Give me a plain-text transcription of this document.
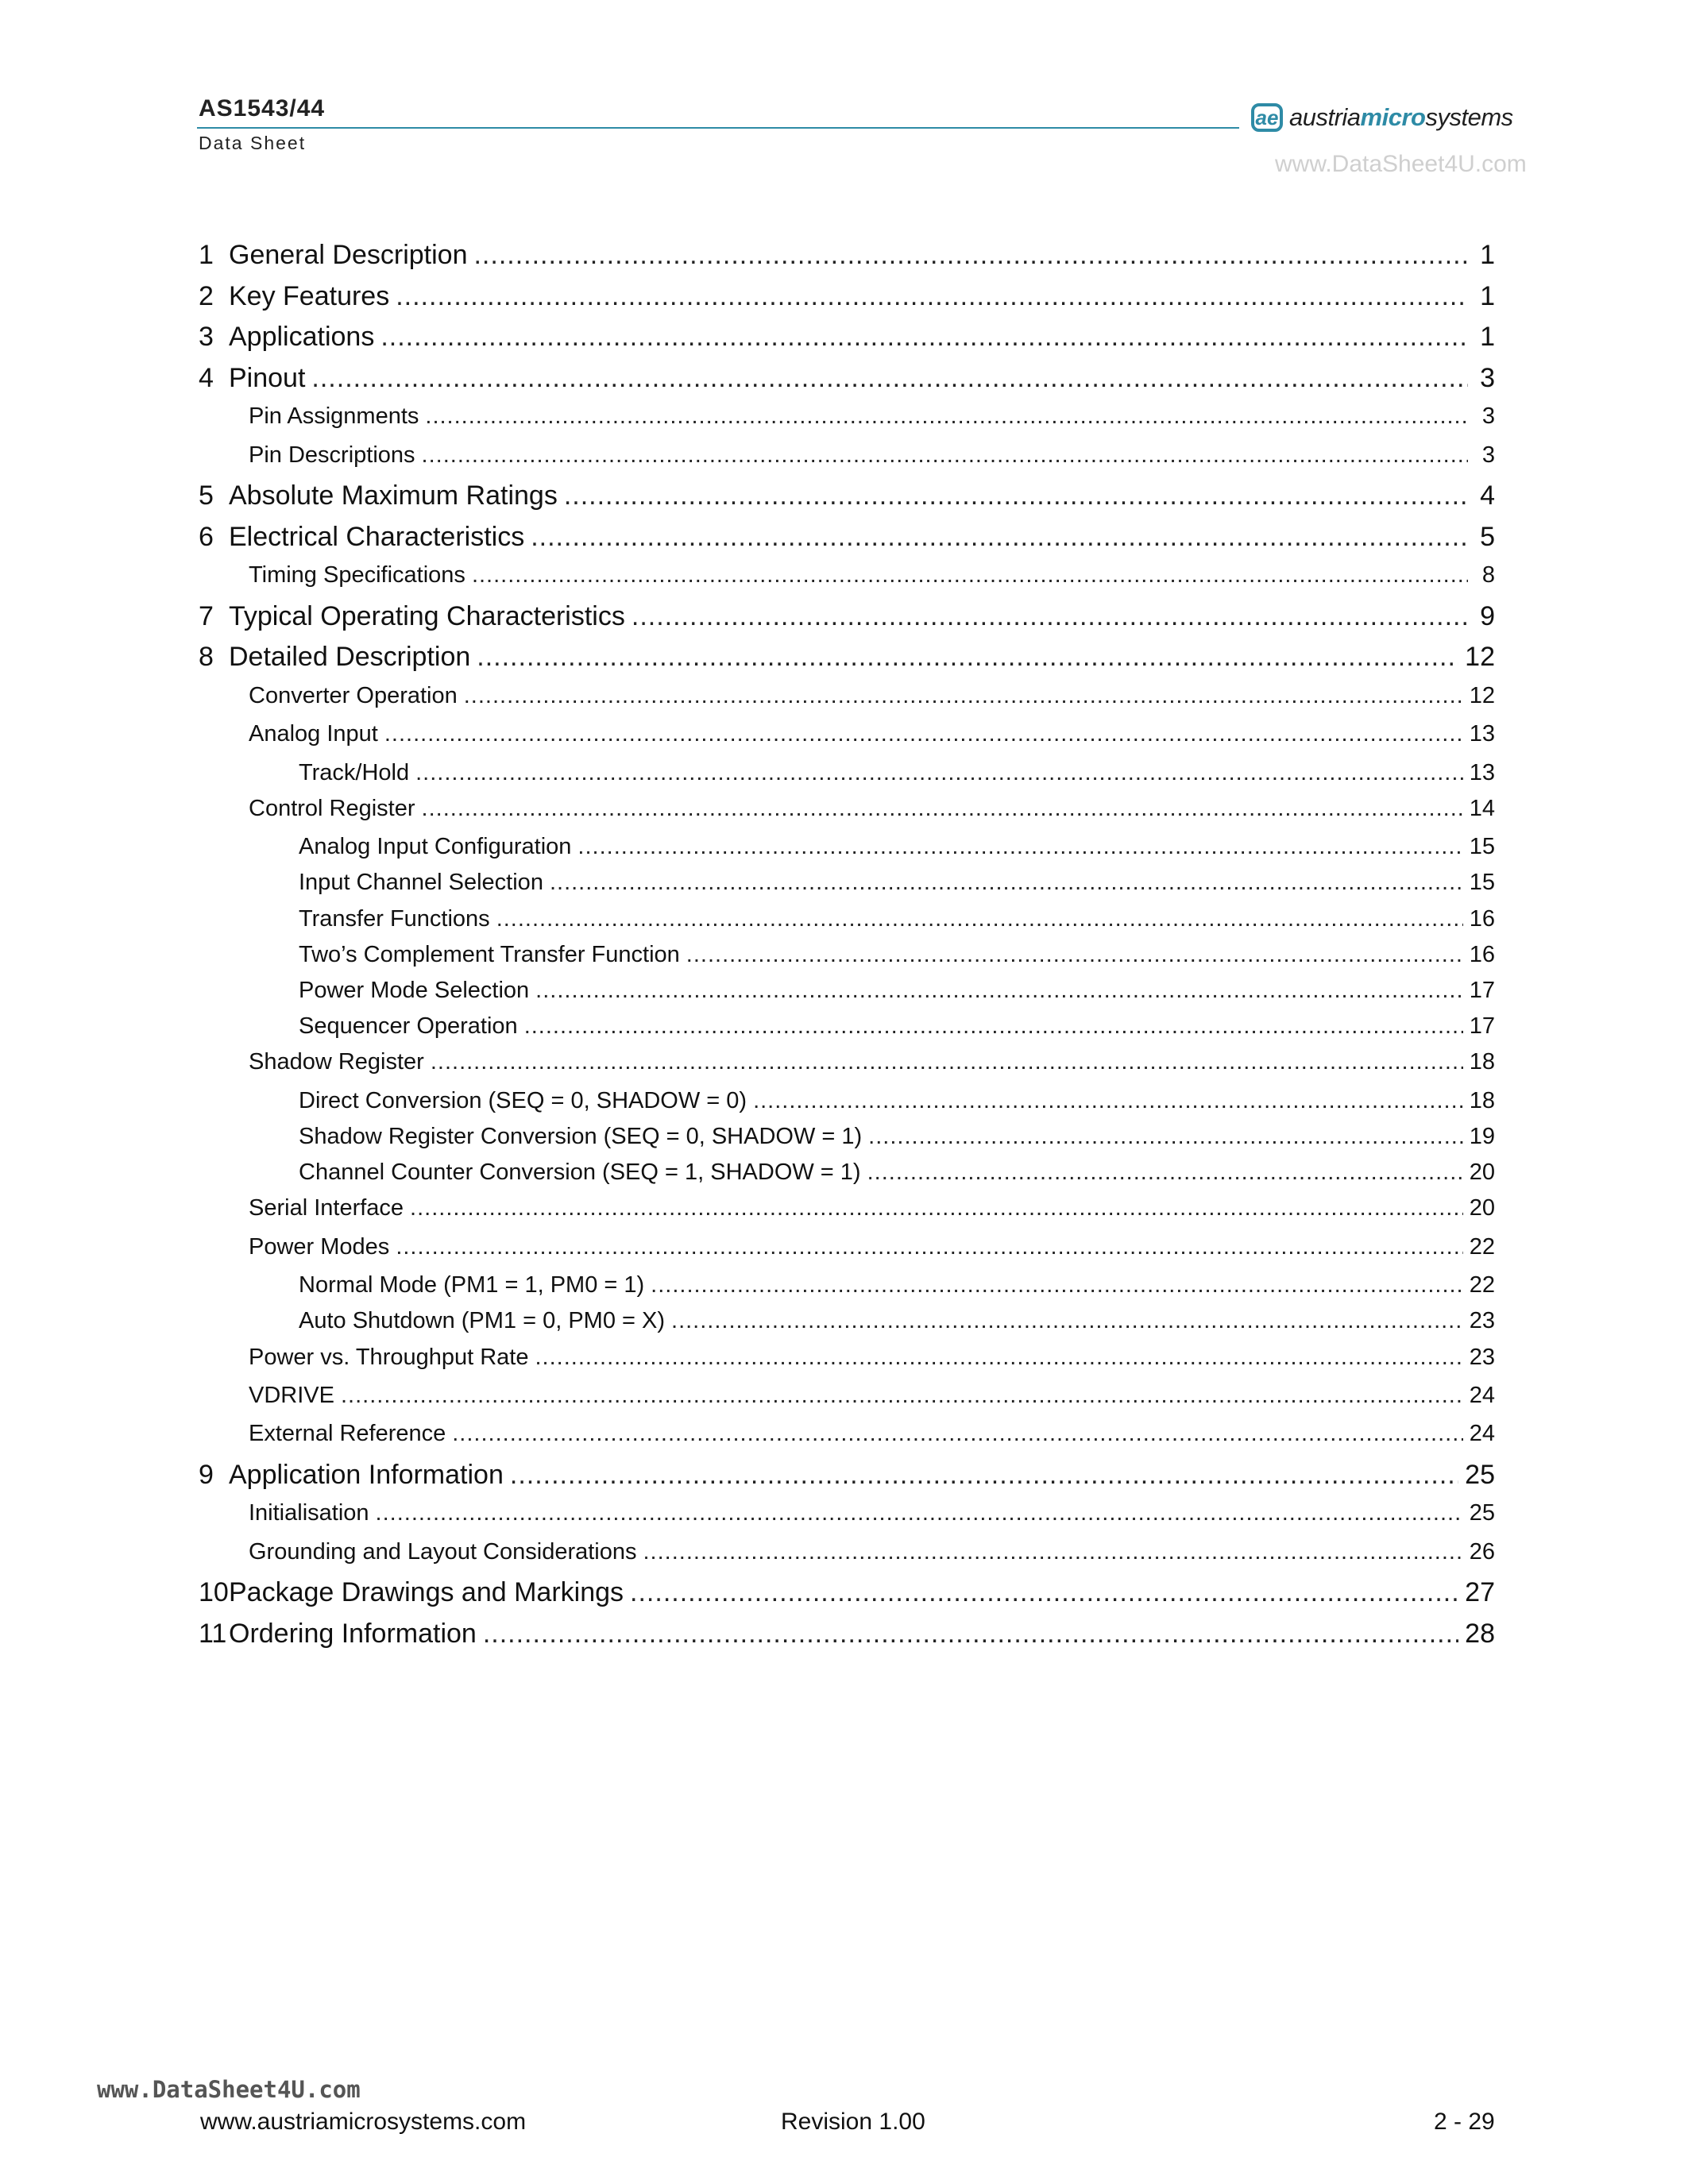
AS1543/44
Data Sheet
ae austriamicrosystems
www.DataSheet4U.com
1 General Description .....	1
2 Key Features .....	1
3 Applications .....	1
4 Pinout .....	3
Pin Assignments .....	3
Pin Descriptions .....	3
5 Absolute Maximum Ratings .....	4
6 Electrical Characteristics .....	5
Timing Specifications .....	8
7 Typical Operating Characteristics .....	9
8 Detailed Description .....	12
Converter Operation .....	12
Analog Input .....	13
Track/Hold .....	13
Control Register .....	14
Analog Input Configuration .....	15
Input Channel Selection .....	15
Transfer Functions .....	16
Two’s Complement Transfer Function .....	16
Power Mode Selection .....	17
Sequencer Operation .....	17
Shadow Register .....	18
Direct Conversion (SEQ = 0, SHADOW = 0) .....	18
Shadow Register Conversion (SEQ = 0, SHADOW = 1) .....	19
Channel Counter Conversion (SEQ = 1, SHADOW = 1) .....	20
Serial Interface .....	20
Power Modes .....	22
Normal Mode (PM1 = 1, PM0 = 1) .....	22
Auto Shutdown (PM1 = 0, PM0 = X) .....	23
Power vs. Throughput Rate .....	23
VDRIVE .....	24
External Reference .....	24
9 Application Information .....	25
Initialisation .....	25
Grounding and Layout Considerations .....	26
10 Package Drawings and Markings .....	27
11 Ordering Information .....	28
www.DataSheet4U.com
www.austriamicrosystems.com	Revision 1.00	2 - 29
